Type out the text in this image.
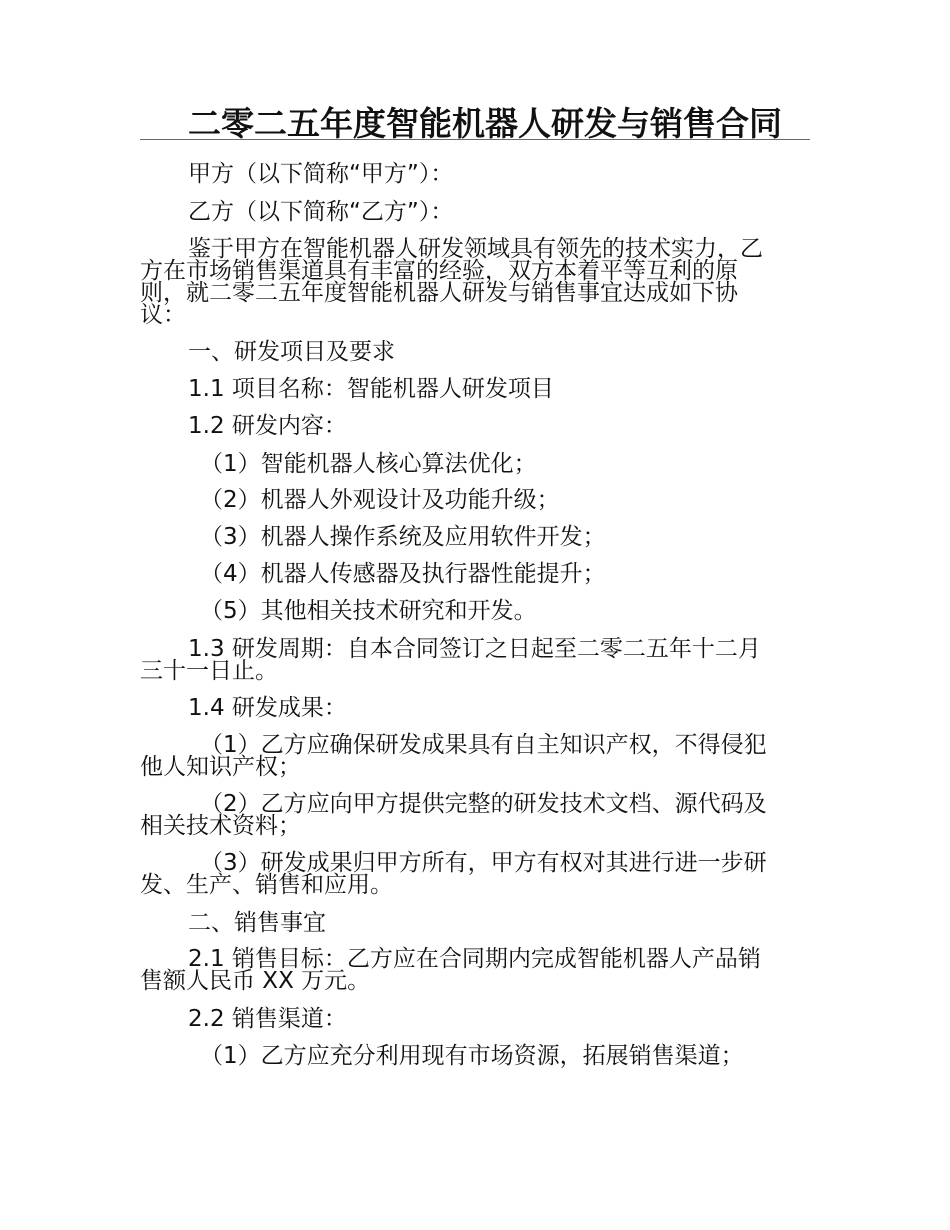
二零二五年度智能机器人研发与销售合同
甲方（以下简称“甲方”）：
乙方（以下简称“乙方”）：
鉴于甲方在智能机器人研发领域具有领先的技术实力，乙
方在市场销售渠道具有丰富的经验，双方本着平等互利的原
则，就二零二五年度智能机器人研发与销售事宜达成如下协
议：
一、研发项目及要求
1.1 项目名称：智能机器人研发项目
1.2 研发内容：
（1）智能机器人核心算法优化；
（2）机器人外观设计及功能升级；
（3）机器人操作系统及应用软件开发；
（4）机器人传感器及执行器性能提升；
（5）其他相关技术研究和开发。
1.3 研发周期：自本合同签订之日起至二零二五年十二月
三十一日止。
1.4 研发成果：
（1）乙方应确保研发成果具有自主知识产权，不得侵犯
他人知识产权；
（2）乙方应向甲方提供完整的研发技术文档、源代码及
相关技术资料；
（3）研发成果归甲方所有，甲方有权对其进行进一步研
发、生产、销售和应用。
二、销售事宜
2.1 销售目标：乙方应在合同期内完成智能机器人产品销
售额人民币 XX 万元。
2.2 销售渠道：
（1）乙方应充分利用现有市场资源，拓展销售渠道；
